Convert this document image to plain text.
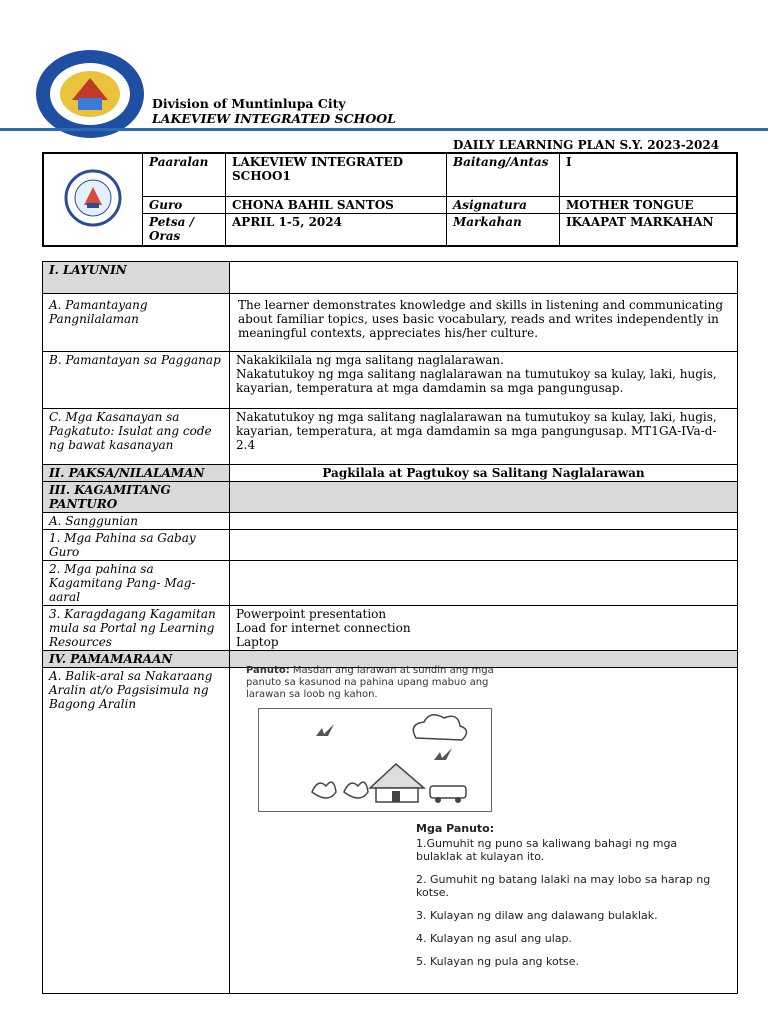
Division of Muntinlupa City
LAKEVIEW INTEGRATED SCHOOL
DAILY LEARNING PLAN S.Y. 2023-2024
	Paaralan	LAKEVIEW INTEGRATED SCHOO1	Baitang/Antas	I
	Guro	CHONA BAHIL SANTOS	Asignatura	MOTHER TONGUE
	Petsa / Oras	APRIL 1-5, 2024	Markahan	IKAAPAT MARKAHAN
I. LAYUNIN	
A. Pamantayang Pangnilalaman	The learner demonstrates knowledge and skills in listening and communicating about familiar topics, uses basic vocabulary, reads and writes independently in meaningful contexts, appreciates his/her culture.
B. Pamantayan sa Pagganap	Nakakikilala ng mga salitang naglalarawan.
Nakatutukoy ng mga salitang naglalarawan na tumutukoy sa kulay, laki, hugis, kayarian, temperatura at mga damdamin sa mga pangungusap.

C. Mga Kasanayan sa Pagkatuto: Isulat ang code ng bawat kasanayan	Nakatutukoy ng mga salitang naglalarawan na tumutukoy sa kulay, laki, hugis, kayarian, temperatura, at mga damdamin sa mga pangungusap. MT1GA-IVa-d-2.4
II. PAKSA/NILALAMAN	Pagkilala at Pagtukoy sa Salitang Naglalarawan
III. KAGAMITANG PANTURO	
A. Sanggunian	
1. Mga Pahina sa Gabay Guro	
2. Mga pahina sa Kagamitang Pang- Mag-aaral	
3. Karagdagang Kagamitan mula sa Portal ng Learning Resources	Powerpoint presentation
Load for internet connection
Laptop

IV. PAMAMARAAN	
A. Balik-aral sa Nakaraang Aralin at/o Pagsisimula ng Bagong Aralin	
Panuto: Masdan ang larawan at sundin ang mga panuto sa kasunod na pahina upang mabuo ang larawan sa loob ng kahon.
Mga Panuto:
1.Gumuhit ng puno sa kaliwang bahagi ng mga bulaklak at kulayan ito.
2. Gumuhit ng batang lalaki na may lobo sa harap ng kotse.
3. Kulayan ng dilaw ang dalawang bulaklak.
4. Kulayan ng asul ang ulap.
5. Kulayan ng pula ang kotse.
